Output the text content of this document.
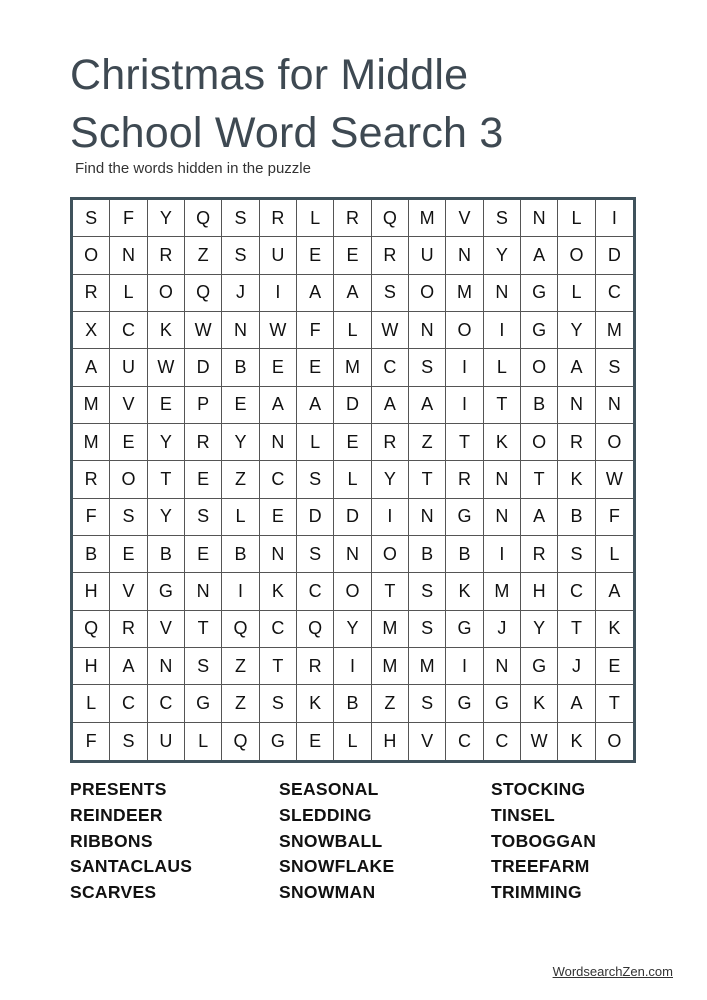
Christmas for Middle
School Word Search 3
Find the words hidden in the puzzle
S	F	Y	Q	S	R	L	R	Q	M	V	S	N	L	I
O	N	R	Z	S	U	E	E	R	U	N	Y	A	O	D
R	L	O	Q	J	I	A	A	S	O	M	N	G	L	C
X	C	K	W	N	W	F	L	W	N	O	I	G	Y	M
A	U	W	D	B	E	E	M	C	S	I	L	O	A	S
M	V	E	P	E	A	A	D	A	A	I	T	B	N	N
M	E	Y	R	Y	N	L	E	R	Z	T	K	O	R	O
R	O	T	E	Z	C	S	L	Y	T	R	N	T	K	W
F	S	Y	S	L	E	D	D	I	N	G	N	A	B	F
B	E	B	E	B	N	S	N	O	B	B	I	R	S	L
H	V	G	N	I	K	C	O	T	S	K	M	H	C	A
Q	R	V	T	Q	C	Q	Y	M	S	G	J	Y	T	K
H	A	N	S	Z	T	R	I	M	M	I	N	G	J	E
L	C	C	G	Z	S	K	B	Z	S	G	G	K	A	T
F	S	U	L	Q	G	E	L	H	V	C	C	W	K	O
PRESENTS
REINDEER
RIBBONS
SANTACLAUS
SCARVES
SEASONAL
SLEDDING
SNOWBALL
SNOWFLAKE
SNOWMAN
STOCKING
TINSEL
TOBOGGAN
TREEFARM
TRIMMING
WordsearchZen.com
